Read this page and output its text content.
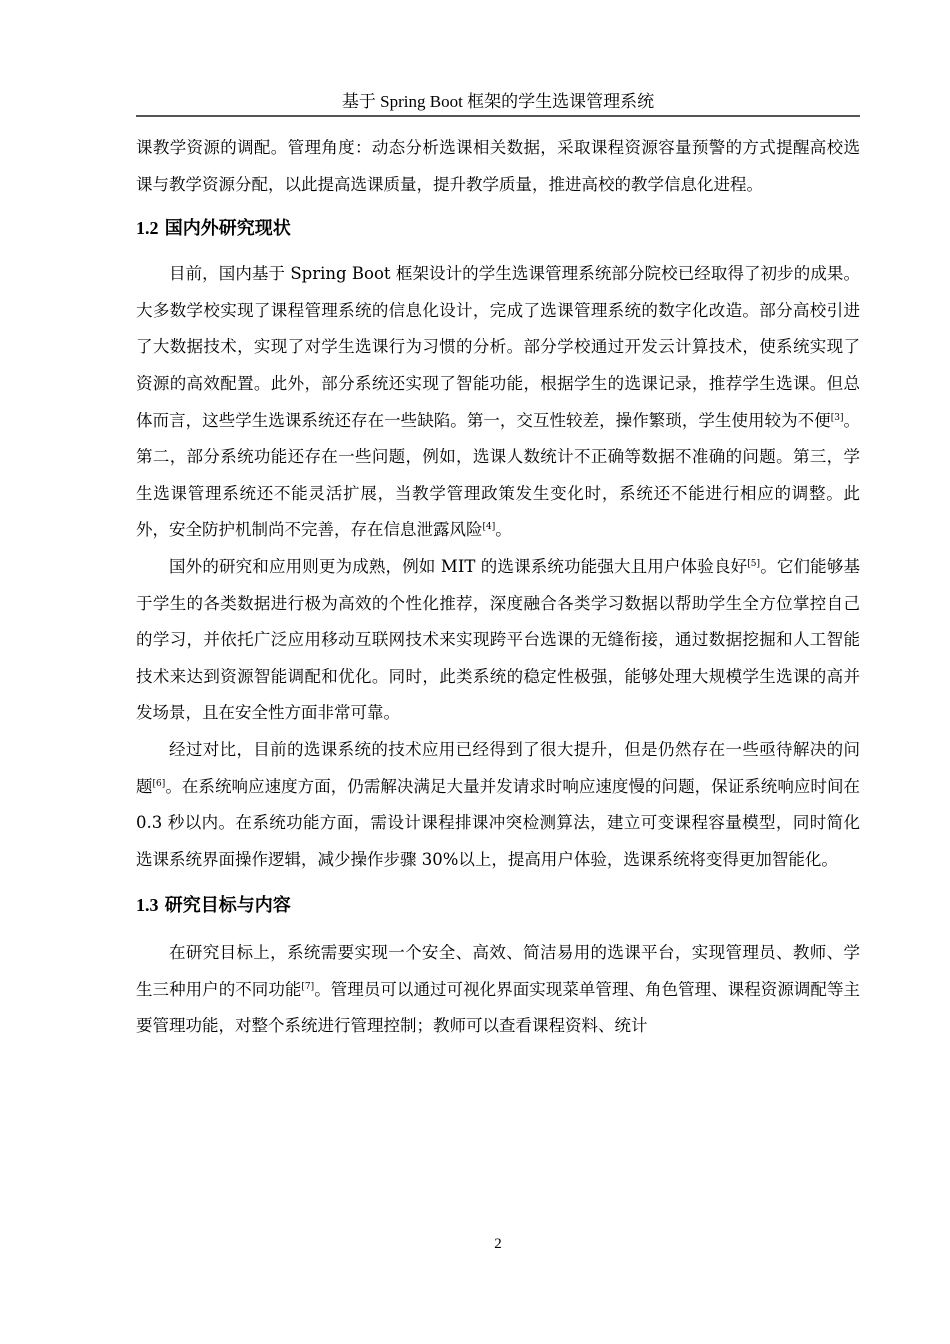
基于 Spring Boot 框架的学生选课管理系统

课教学资源的调配。管理角度：动态分析选课相关数据，采取课程资源容量预警的方式提醒高校选课与教学资源分配，以此提高选课质量，提升教学质量，推进高校的教学信息化进程。

1.2 国内外研究现状

目前，国内基于 Spring Boot 框架设计的学生选课管理系统部分院校已经取得了初步的成果。大多数学校实现了课程管理系统的信息化设计，完成了选课管理系统的数字化改造。部分高校引进了大数据技术，实现了对学生选课行为习惯的分析。部分学校通过开发云计算技术，使系统实现了资源的高效配置。此外，部分系统还实现了智能功能，根据学生的选课记录，推荐学生选课。但总体而言，这些学生选课系统还存在一些缺陷。第一，交互性较差，操作繁琐，学生使用较为不便[3]。第二，部分系统功能还存在一些问题，例如，选课人数统计不正确等数据不准确的问题。第三，学生选课管理系统还不能灵活扩展，当教学管理政策发生变化时，系统还不能进行相应的调整。此外，安全防护机制尚不完善，存在信息泄露风险[4]。

国外的研究和应用则更为成熟，例如 MIT 的选课系统功能强大且用户体验良好[5]。它们能够基于学生的各类数据进行极为高效的个性化推荐，深度融合各类学习数据以帮助学生全方位掌控自己的学习，并依托广泛应用移动互联网技术来实现跨平台选课的无缝衔接，通过数据挖掘和人工智能技术来达到资源智能调配和优化。同时，此类系统的稳定性极强，能够处理大规模学生选课的高并发场景，且在安全性方面非常可靠。

经过对比，目前的选课系统的技术应用已经得到了很大提升，但是仍然存在一些亟待解决的问题[6]。在系统响应速度方面，仍需解决满足大量并发请求时响应速度慢的问题，保证系统响应时间在 0.3 秒以内。在系统功能方面，需设计课程排课冲突检测算法，建立可变课程容量模型，同时简化选课系统界面操作逻辑，减少操作步骤 30%以上，提高用户体验，选课系统将变得更加智能化。

1.3 研究目标与内容

在研究目标上，系统需要实现一个安全、高效、简洁易用的选课平台，实现管理员、教师、学生三种用户的不同功能[7]。管理员可以通过可视化界面实现菜单管理、角色管理、课程资源调配等主要管理功能，对整个系统进行管理控制；教师可以查看课程资料、统计

2
